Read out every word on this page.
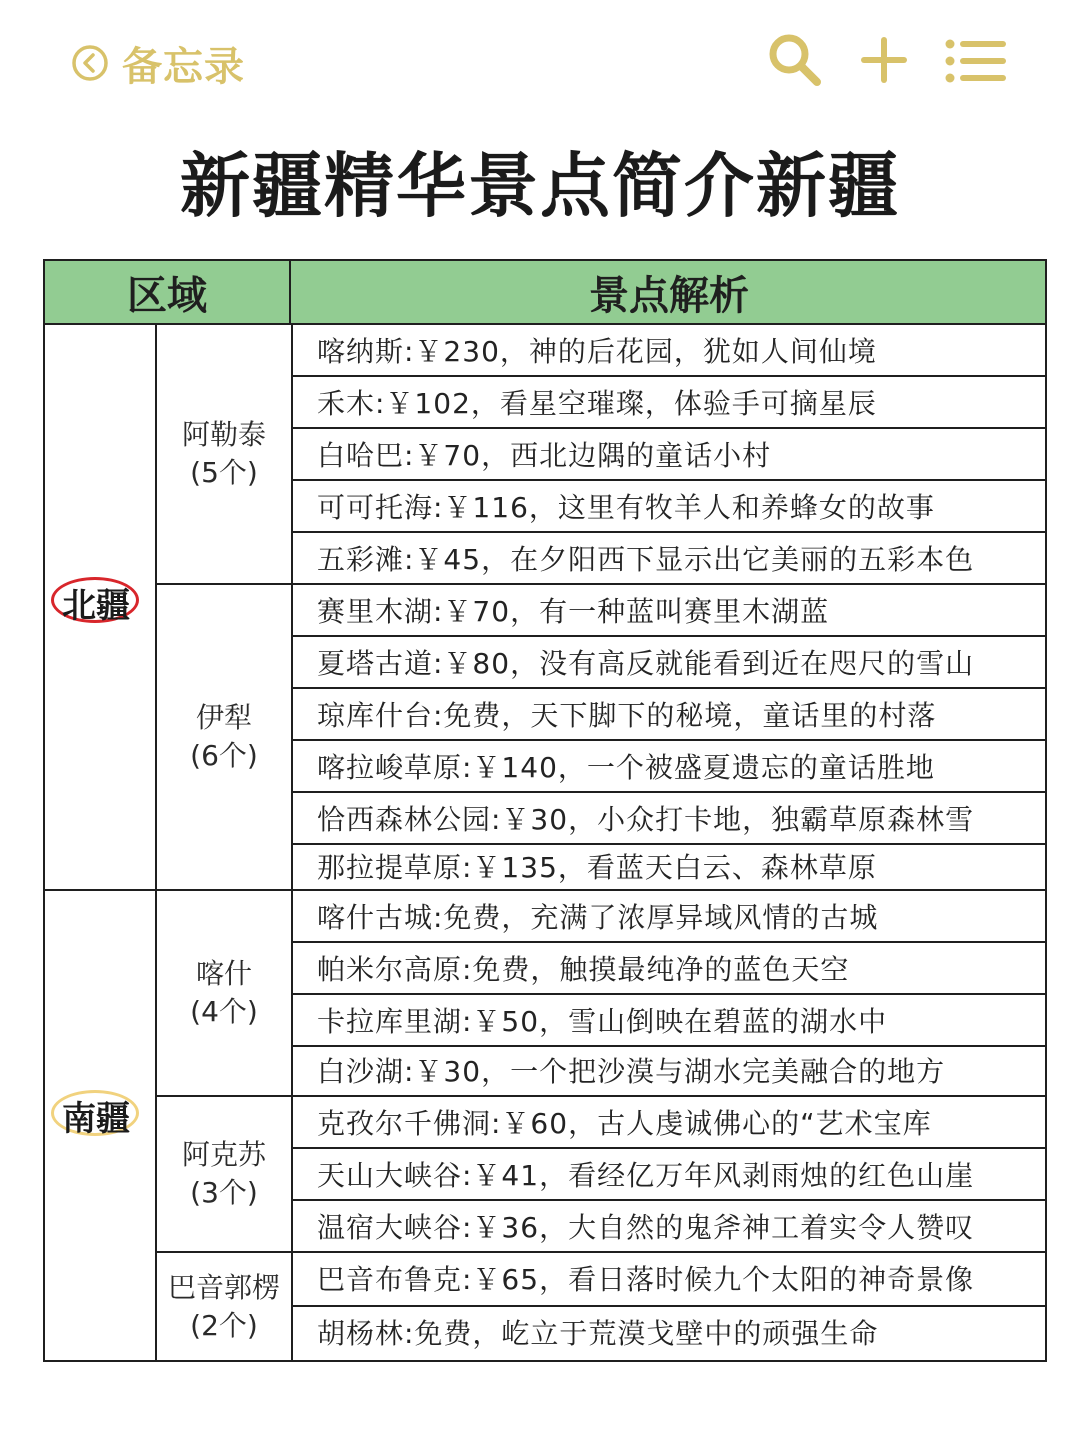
备忘录
新疆精华景点简介新疆
区域	景点解析
北疆
南疆
阿勒泰
(5个)
伊犁
(6个)
喀什
(4个)
阿克苏
(3个)
巴音郭楞
(2个)
喀纳斯:￥230，神的后花园，犹如人间仙境
禾木:￥102，看星空璀璨，体验手可摘星辰
白哈巴:￥70，西北边隅的童话小村
可可托海:￥116，这里有牧羊人和养蜂女的故事
五彩滩:￥45，在夕阳西下显示出它美丽的五彩本色
赛里木湖:￥70，有一种蓝叫赛里木湖蓝
夏塔古道:￥80，没有高反就能看到近在咫尺的雪山
琼库什台:免费，天下脚下的秘境，童话里的村落
喀拉峻草原:￥140，一个被盛夏遗忘的童话胜地
恰西森林公园:￥30，小众打卡地，独霸草原森林雪
那拉提草原:￥135，看蓝天白云、森林草原
喀什古城:免费，充满了浓厚异域风情的古城
帕米尔高原:免费，触摸最纯净的蓝色天空
卡拉库里湖:￥50，雪山倒映在碧蓝的湖水中
白沙湖:￥30，一个把沙漠与湖水完美融合的地方
克孜尔千佛洞:￥60，古人虔诚佛心的“艺术宝库
天山大峡谷:￥41，看经亿万年风剥雨烛的红色山崖
温宿大峡谷:￥36，大自然的鬼斧神工着实令人赞叹
巴音布鲁克:￥65，看日落时候九个太阳的神奇景像
胡杨林:免费，屹立于荒漠戈壁中的顽强生命
